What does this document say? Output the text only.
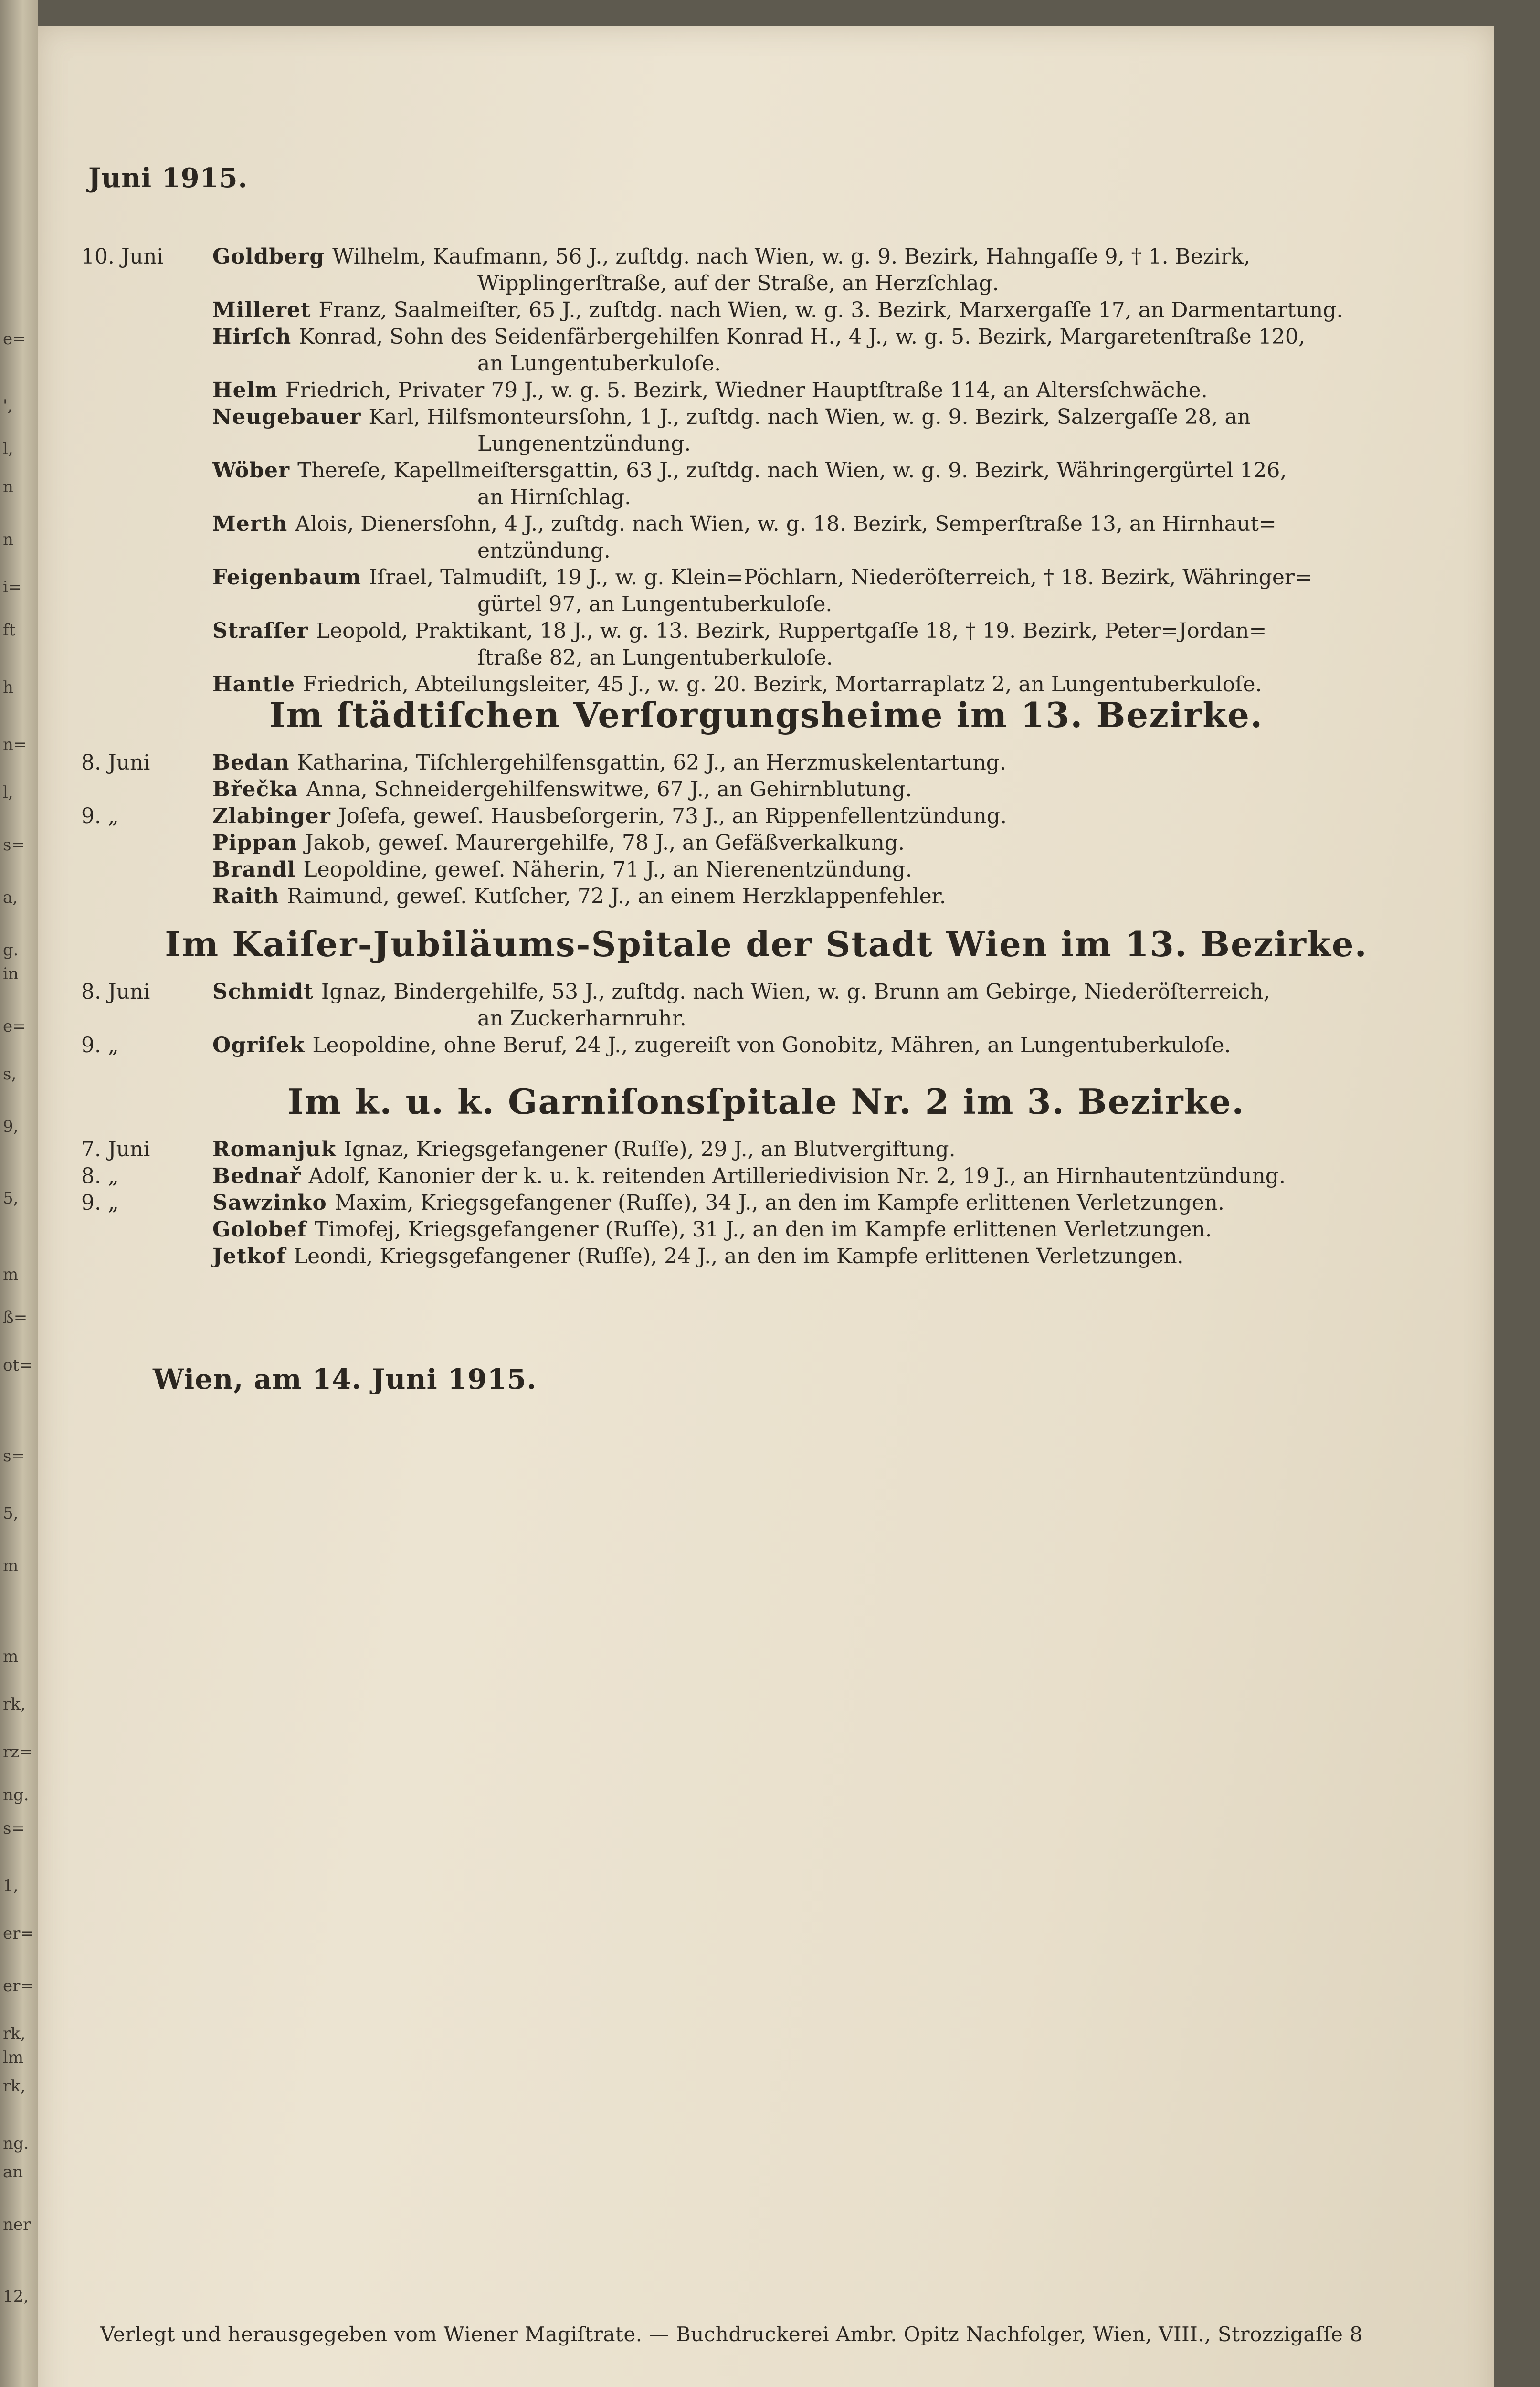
e=
',
l,
n
n
i=
ft
h
n=
l,
s=
a,
g.
in
e=
s,
9,
5,
m
ß=
ot=
s=
5,
m
m
rk,
rz=
ng.
s=
1,
er=
er=
rk,
lm
rk,
ng.
an
ner
12,
Juni 1915.
10. Juni	Goldberg Wilhelm, Kaufmann, 56 J., zuſtdg. nach Wien, w. g. 9. Bezirk, Hahngaſſe 9, † 1. Bezirk,
Wipplingerſtraße, auf der Straße, an Herzſchlag.
Milleret Franz, Saalmeiſter, 65 J., zuſtdg. nach Wien, w. g. 3. Bezirk, Marxergaſſe 17, an Darmentartung.
Hirſch Konrad, Sohn des Seidenfärbergehilfen Konrad H., 4 J., w. g. 5. Bezirk, Margaretenſtraße 120,
an Lungentuberkuloſe.
Helm Friedrich, Privater 79 J., w. g. 5. Bezirk, Wiedner Hauptſtraße 114, an Altersſchwäche.
Neugebauer Karl, Hilfsmonteursſohn, 1 J., zuſtdg. nach Wien, w. g. 9. Bezirk, Salzergaſſe 28, an
Lungenentzündung.
Wöber Thereſe, Kapellmeiſtersgattin, 63 J., zuſtdg. nach Wien, w. g. 9. Bezirk, Währingergürtel 126,
an Hirnſchlag.
Merth Alois, Dienersſohn, 4 J., zuſtdg. nach Wien, w. g. 18. Bezirk, Semperſtraße 13, an Hirnhaut=
entzündung.
Feigenbaum Iſrael, Talmudiſt, 19 J., w. g. Klein=Pöchlarn, Niederöſterreich, † 18. Bezirk, Währinger=
gürtel 97, an Lungentuberkuloſe.
Straſſer Leopold, Praktikant, 18 J., w. g. 13. Bezirk, Ruppertgaſſe 18, † 19. Bezirk, Peter=Jordan=
ſtraße 82, an Lungentuberkuloſe.
Hantle Friedrich, Abteilungsleiter, 45 J., w. g. 20. Bezirk, Mortarraplatz 2, an Lungentuberkuloſe.
Im ſtädtiſchen Verſorgungsheime im 13. Bezirke.
8. Juni	Bedan Katharina, Tiſchlergehilfensgattin, 62 J., an Herzmuskelentartung.
Břečka Anna, Schneidergehilfenswitwe, 67 J., an Gehirnblutung.
9. „	Zlabinger Joſefa, geweſ. Hausbeſorgerin, 73 J., an Rippenfellentzündung.
Pippan Jakob, geweſ. Maurergehilfe, 78 J., an Gefäßverkalkung.
Brandl Leopoldine, geweſ. Näherin, 71 J., an Nierenentzündung.
Raith Raimund, geweſ. Kutſcher, 72 J., an einem Herzklappenfehler.
Im Kaiſer-Jubiläums-Spitale der Stadt Wien im 13. Bezirke.
8. Juni	Schmidt Ignaz, Bindergehilfe, 53 J., zuſtdg. nach Wien, w. g. Brunn am Gebirge, Niederöſterreich,
an Zuckerharnruhr.
9. „	Ogriſek Leopoldine, ohne Beruf, 24 J., zugereiſt von Gonobitz, Mähren, an Lungentuberkuloſe.
Im k. u. k. Garniſonsſpitale Nr. 2 im 3. Bezirke.
7. Juni	Romanjuk Ignaz, Kriegsgefangener (Ruſſe), 29 J., an Blutvergiftung.
8. „	Bednař Adolf, Kanonier der k. u. k. reitenden Artilleriedivision Nr. 2, 19 J., an Hirnhautentzündung.
9. „	Sawzinko Maxim, Kriegsgefangener (Ruſſe), 34 J., an den im Kampfe erlittenen Verletzungen.
Golobef Timofej, Kriegsgefangener (Ruſſe), 31 J., an den im Kampfe erlittenen Verletzungen.
Jetkof Leondi, Kriegsgefangener (Ruſſe), 24 J., an den im Kampfe erlittenen Verletzungen.
Wien, am 14. Juni 1915.
Verlegt und herausgegeben vom Wiener Magiſtrate. — Buchdruckerei Ambr. Opitz Nachfolger, Wien, VIII., Strozzigaſſe 8
